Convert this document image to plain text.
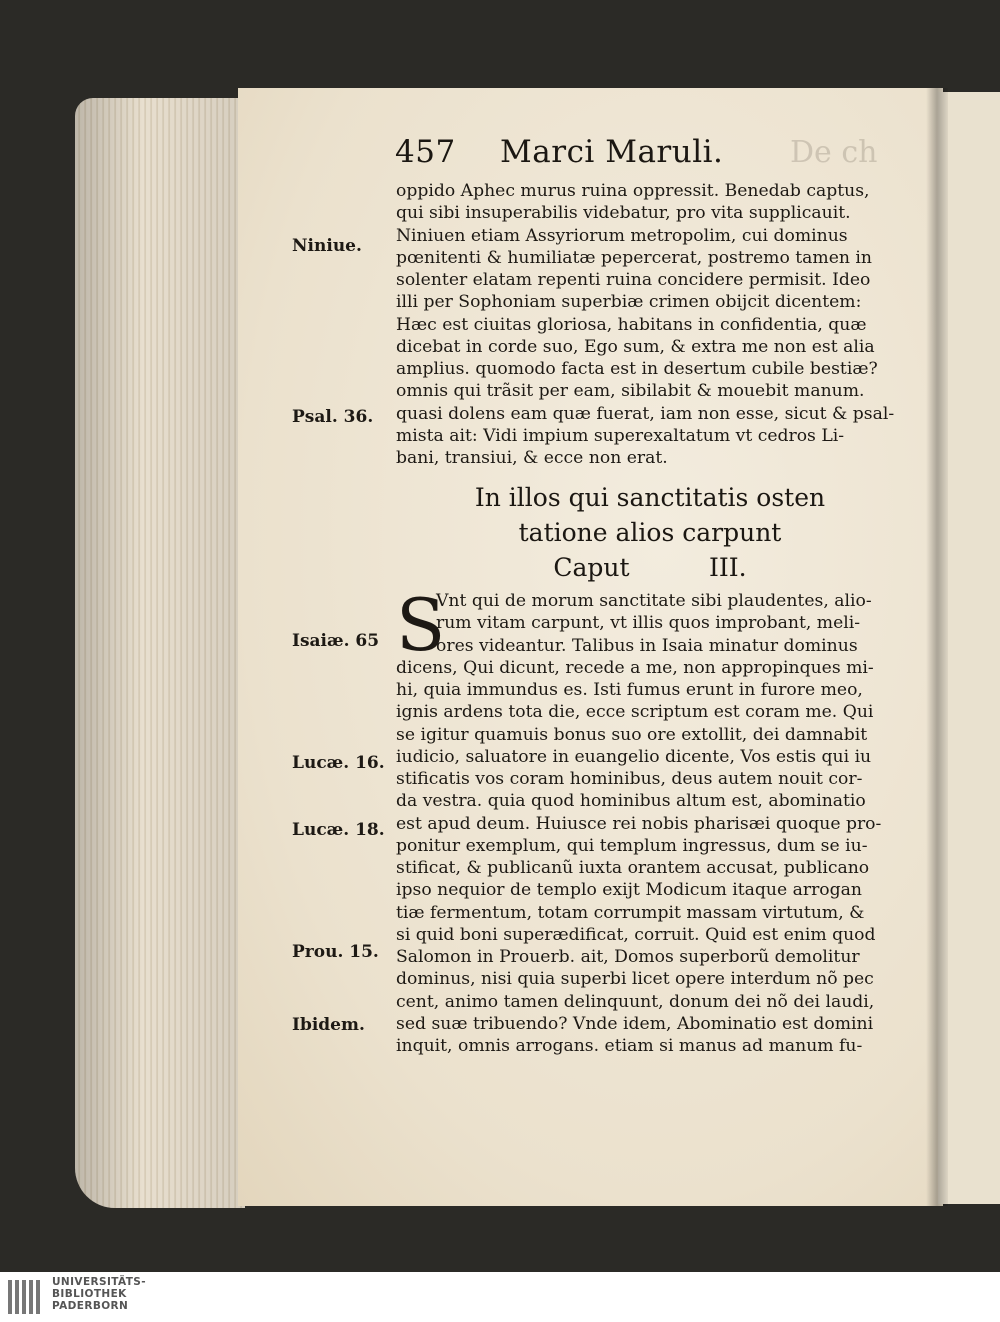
De ch
457 Marci Maruli.
oppido Aphec murus ruina oppressit. Benedab captus,
qui sibi insuperabilis videbatur, pro vita supplicauit.
Niniuen etiam Assyriorum metropolim, cui dominus
pœnitenti & humiliatæ pepercerat, postremo tamen in
solenter elatam repenti ruina concidere permisit. Ideo
illi per Sophoniam superbiæ crimen obijcit dicentem:
Hæc est ciuitas gloriosa, habitans in confidentia, quæ
dicebat in corde suo, Ego sum, & extra me non est alia
amplius. quomodo facta est in desertum cubile bestiæ?
omnis qui trãsit per eam, sibilabit & mouebit manum.
quasi dolens eam quæ fuerat, iam non esse, sicut & psal-
mista ait: Vidi impium superexaltatum vt cedros Li-
bani, transiui, & ecce non erat.
In illos qui sanctitatis osten
tatione alios carpunt
Caput          III.
S
Vnt qui de morum sanctitate sibi plaudentes, alio-
rum vitam carpunt, vt illis quos improbant, meli-
ores videantur. Talibus in Isaia minatur dominus
dicens, Qui dicunt, recede a me, non appropinques mi-
hi, quia immundus es. Isti fumus erunt in furore meo,
ignis ardens tota die, ecce scriptum est coram me. Qui
se igitur quamuis bonus suo ore extollit, dei damnabit
iudicio, saluatore in euangelio dicente, Vos estis qui iu
stificatis vos coram hominibus, deus autem nouit cor-
da vestra. quia quod hominibus altum est, abominatio
est apud deum. Huiusce rei nobis pharisæi quoque pro-
ponitur exemplum, qui templum ingressus, dum se iu-
stificat, & publicanũ iuxta orantem accusat, publicano
ipso nequior de templo exijt Modicum itaque arrogan
tiæ fermentum, totam corrumpit massam virtutum, &
si quid boni superædificat, corruit. Quid est enim quod
Salomon in Prouerb. ait, Domos superborũ demolitur
dominus, nisi quia superbi licet opere interdum nõ pec
cent, animo tamen delinquunt, donum dei nõ dei laudi,
sed suæ tribuendo? Vnde idem, Abominatio est domini
inquit, omnis arrogans. etiam si manus ad manum fu-
Niniue.
Psal. 36.
Isaiæ. 65
Lucæ. 16.
Lucæ. 18.
Prou. 15.
Ibidem.
UNIVERSITÄTS-
BIBLIOTHEK
PADERBORN
